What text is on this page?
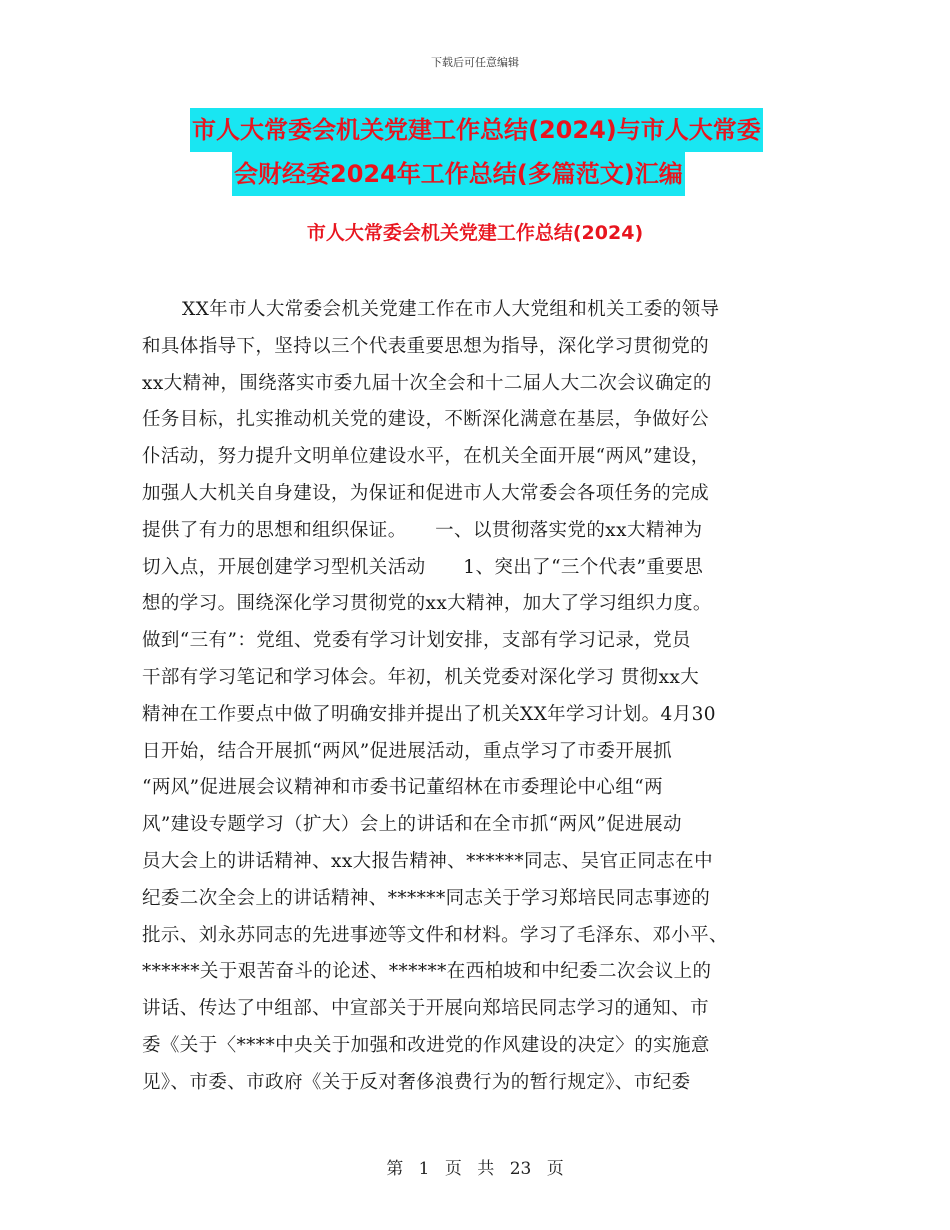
下载后可任意编辑
市人大常委会机关党建工作总结(2024)与市人大常委
会财经委2024年工作总结(多篇范文)汇编
市人大常委会机关党建工作总结(2024)
XX年市人大常委会机关党建工作在市人大党组和机关工委的领导
和具体指导下，坚持以三个代表重要思想为指导，深化学习贯彻党的
xx大精神，围绕落实市委九届十次全会和十二届人大二次会议确定的
任务目标，扎实推动机关党的建设，不断深化满意在基层，争做好公
仆活动，努力提升文明单位建设水平，在机关全面开展“两风”建设，
加强人大机关自身建设，为保证和促进市人大常委会各项任务的完成
提供了有力的思想和组织保证。　　一、以贯彻落实党的xx大精神为
切入点，开展创建学习型机关活动　　1、突出了“三个代表”重要思
想的学习。围绕深化学习贯彻党的xx大精神，加大了学习组织力度。
做到“三有”：党组、党委有学习计划安排，支部有学习记录，党员
干部有学习笔记和学习体会。年初，机关党委对深化学习 贯彻xx大
精神在工作要点中做了明确安排并提出了机关XX年学习计划。4月30
日开始，结合开展抓“两风”促进展活动，重点学习了市委开展抓
“两风”促进展会议精神和市委书记董绍林在市委理论中心组“两
风”建设专题学习（扩大）会上的讲话和在全市抓“两风”促进展动
员大会上的讲话精神、xx大报告精神、******同志、吴官正同志在中
纪委二次全会上的讲话精神、******同志关于学习郑培民同志事迹的
批示、刘永苏同志的先进事迹等文件和材料。学习了毛泽东、邓小平、
******关于艰苦奋斗的论述、******在西柏坡和中纪委二次会议上的
讲话、传达了中组部、中宣部关于开展向郑培民同志学习的通知、市
委《关于〈****中央关于加强和改进党的作风建设的决定〉的实施意
见》、市委、市政府《关于反对奢侈浪费行为的暂行规定》、市纪委
第 1 页 共 23 页
